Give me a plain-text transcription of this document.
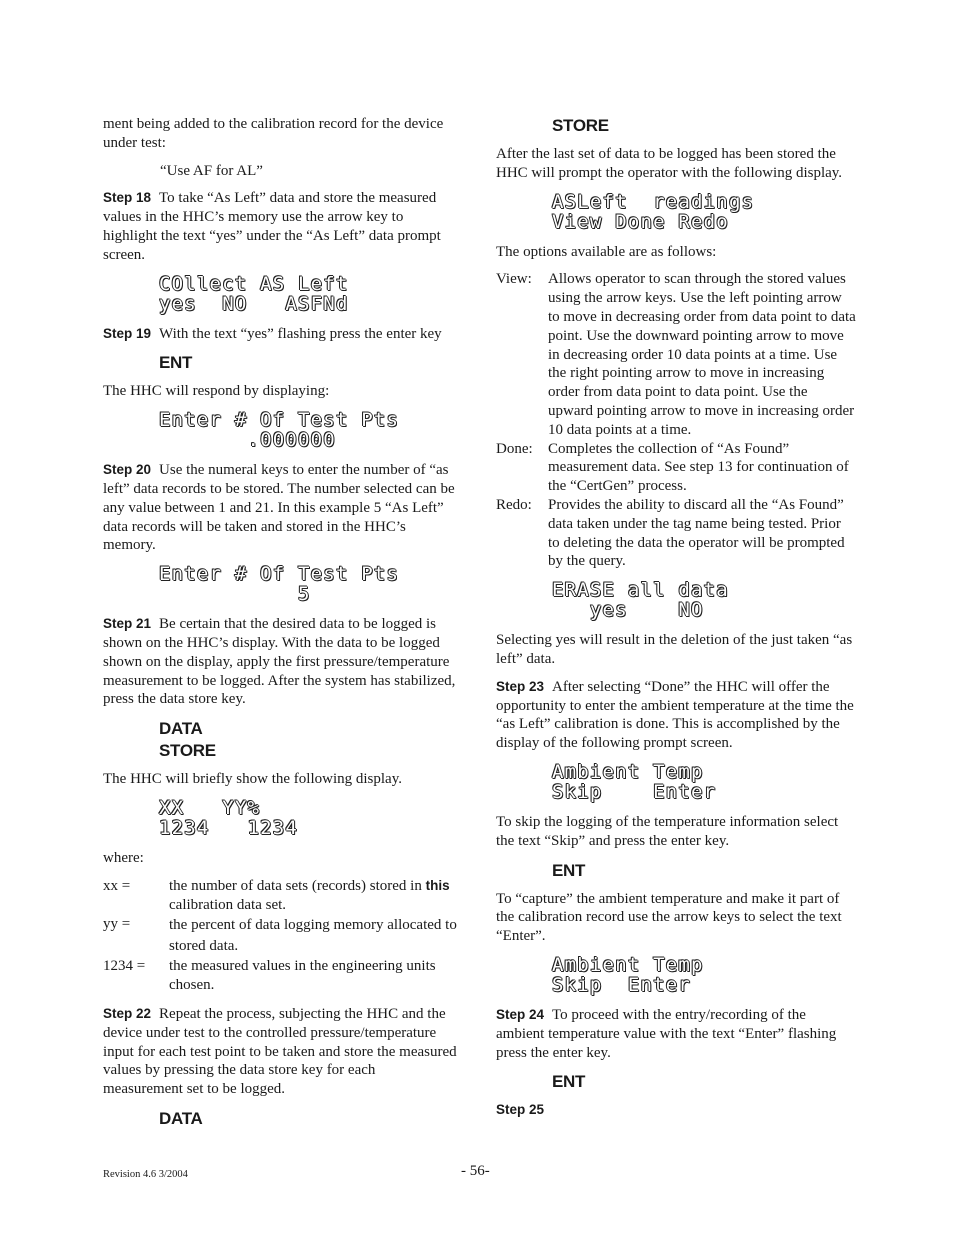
ment being added to the calibration record for the device under test:

“Use AF for AL”

Step 18 To take “As Left” data and store the measured values in the HHC’s memory use the arrow key to highlight the text “yes” under the “As Left” data prompt screen.

COllect AS Left
yes  NO   ASFNd

Step 19 With the text “yes” flashing press the enter key

ENT

The HHC will respond by displaying:

Enter # Of Test Pts
.000000

Step 20 Use the numeral keys to enter the number of “as left” data records to be stored. The number selected can be any value between 1 and 21. In this example 5 “As Left” data records will be taken and stored in the HHC’s memory.

Enter # Of Test Pts
5

Step 21 Be certain that the desired data to be logged is shown on the HHC’s display. With the data to be logged shown on the display, apply the first pressure/temperature measurement to be logged. After the system has stabilized, press the data store key.

DATA
STORE

The HHC will briefly show the following display.

XX   YY%
1234   1234

where:

xx =	the number of data sets (records) stored in this calibration data set.
yy =	the percent of data logging memory allocated to stored data.
1234 =	the measured values in the engineering units chosen.

Step 22 Repeat the process, subjecting the HHC and the device under test to the controlled pressure/temperature input for each test point to be taken and store the measured values by pressing the data store key for each measurement set to be logged.

DATA
STORE

After the last set of data to be logged has been stored the HHC will prompt the operator with the following display.

ASLeft  readings
View Done Redo

The options available are as follows:

View:	Allows operator to scan through the stored values using the arrow keys. Use the left pointing arrow to move in decreasing order from data point to data point. Use the downward pointing arrow to move in decreasing order 10 data points at a time. Use the right pointing arrow to move in increasing order from data point to data point. Use the upward pointing arrow to move in increasing order 10 data points at a time.
Done:	Completes the collection of “As Found” measurement data. See step 13 for continuation of the “CertGen” process.
Redo:	Provides the ability to discard all the “As Found” data taken under the tag name being tested. Prior to deleting the data the operator will be prompted by the query.
ERASE all data
yes    NO

Selecting yes will result in the deletion of the just taken “as left” data.

Step 23 After selecting “Done” the HHC will offer the opportunity to enter the ambient temperature at the time the “as Left” calibration is done. This is accomplished by the display of the following prompt screen.

Ambient Temp
Skip    Enter

To skip the logging of the temperature information select the text “Skip” and press the enter key.

ENT

To “capture” the ambient temperature and make it part of the calibration record use the arrow keys to select the text “Enter”.

Ambient Temp
Skip  Enter

Step 24 To proceed with the entry/recording of the ambient temperature value with the text “Enter” flashing press the enter key.

ENT

Step 25

Revision 4.6 3/2004	- 56-
